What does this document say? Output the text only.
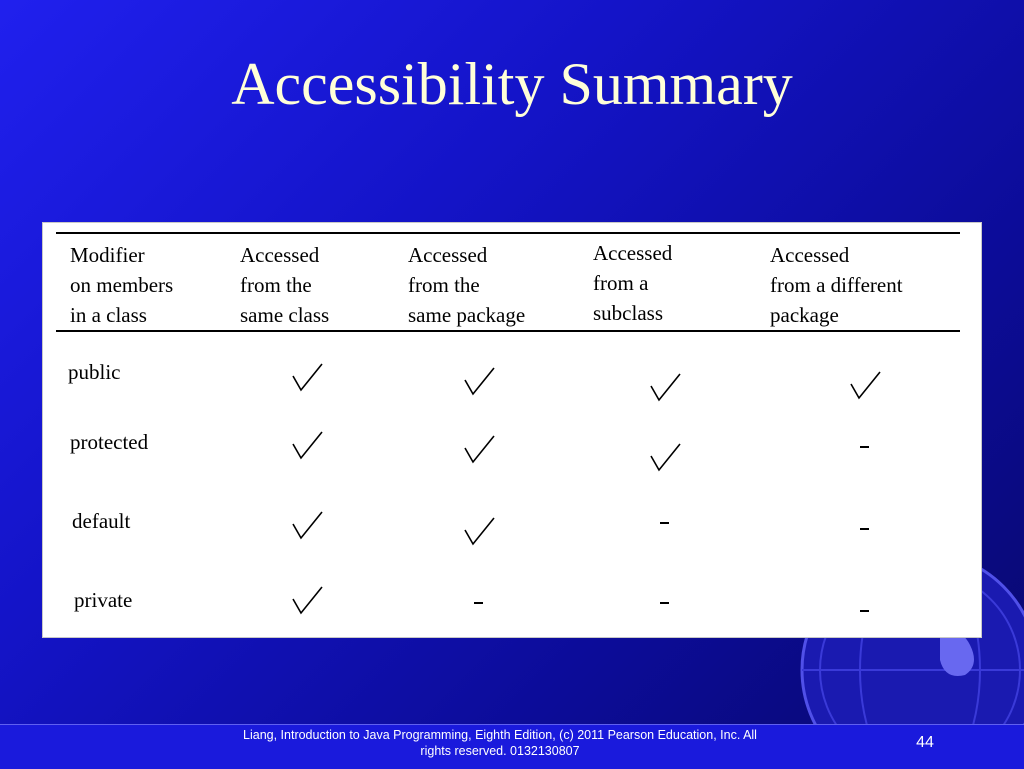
Accessibility Summary
Modifier
on members
in a class
Accessed
from the
same class
Accessed
from the
same package
Accessed
from a
subclass
Accessed
from a different
package
public
protected
default
private
Liang, Introduction to Java Programming, Eighth Edition, (c) 2011 Pearson Education, Inc. All
rights reserved. 0132130807	44
